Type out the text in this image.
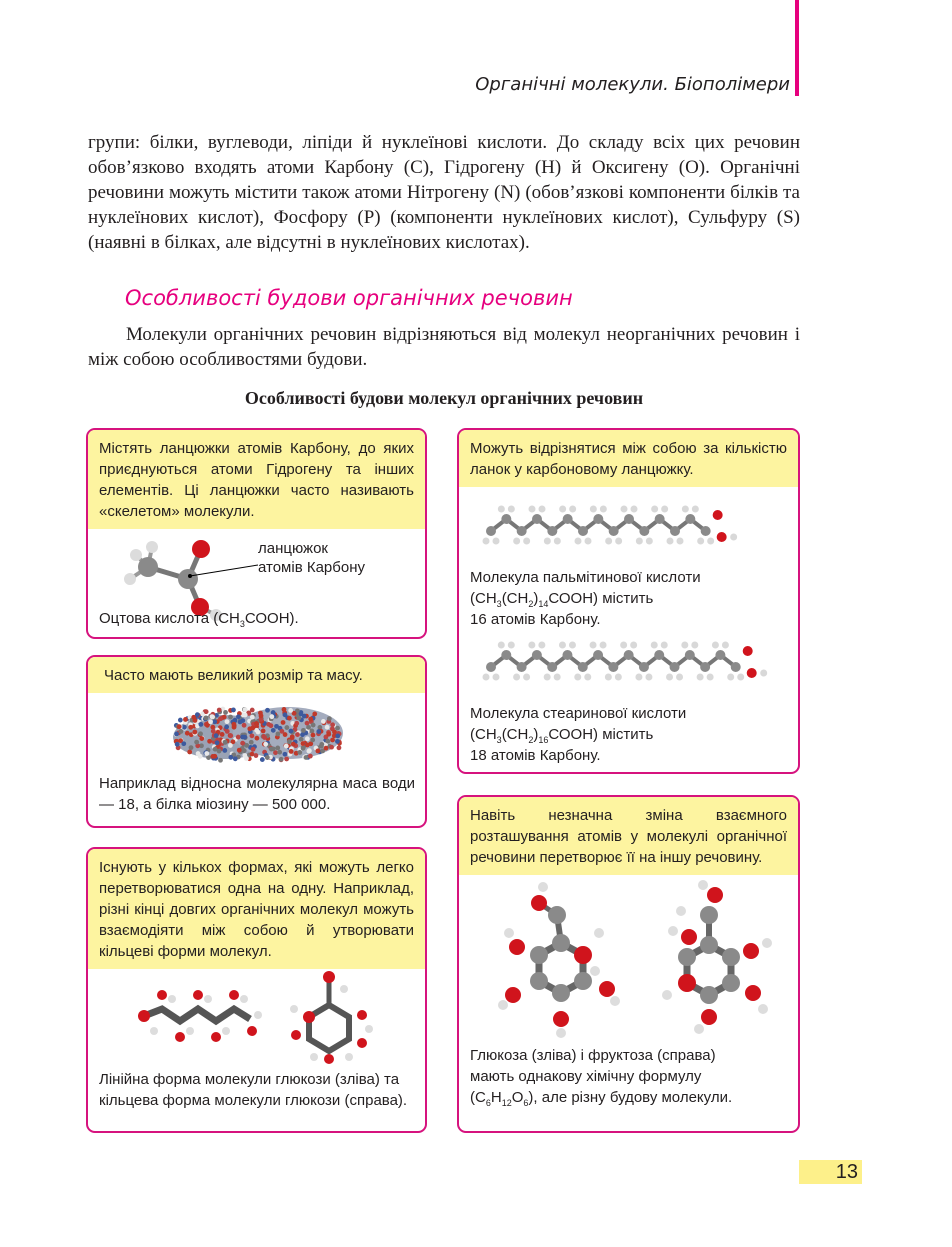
Органічні молекули. Біополімери

групи: білки, вуглеводи, ліпіди й нуклеїнові кислоти. До складу всіх цих речовин обов’язково входять атоми Карбону (С), Гідрогену (Н) й Оксигену (О). Органічні речовини можуть містити також атоми Нітрогену (N) (обов’язкові компоненти білків та нуклеїнових кислот), Фосфору (Р) (компоненти нуклеїнових кислот), Сульфуру (S) (наявні в білках, але відсутні в нуклеїнових кислотах).

Особливості будови органічних речовин

Молекули органічних речовин відрізняються від молекул неорганічних речовин і між собою особливостями будови.

Особливості будови молекул органічних речовин
Містять ланцюжки атомів Карбону, до яких приєднуються атоми Гідрогену та інших елементів. Ці ланцюжки часто називають «скелетом» молекули.
ланцюжок
атомів Карбону
Оцтова кислота $(СН_3СООН)$.
Часто мають великий розмір та масу.
Наприклад відносна молекулярна маса води — 18, а білка міозину — 500 000.
Існують у кількох формах, які можуть легко перетворюватися одна на одну. Наприклад, різні кінці довгих органічних молекул можуть взаємодіяти між собою й утворювати кільцеві форми молекул.
Лінійна форма молекули глюкози (зліва) та кільцева форма молекули глюкози (справа).
Можуть відрізнятися між собою за кількістю ланок у карбоновому ланцюжку.
Молекула пальмітинової кислоти
$(СН_3(СН_2)_{14}СООН)$ містить
16 атомів Карбону.
Молекула стеаринової кислоти
$(СН_3(СН_2)_{16}СООН)$ містить
18 атомів Карбону.
Навіть незначна зміна взаємного розташування атомів у молекулі органічної речовини перетворює її на іншу речовину.
Глюкоза (зліва) і фруктоза (справа)
мають однакову хімічну формулу
$(С_6Н_{12}О_6)$, але різну будову молекули.
13
